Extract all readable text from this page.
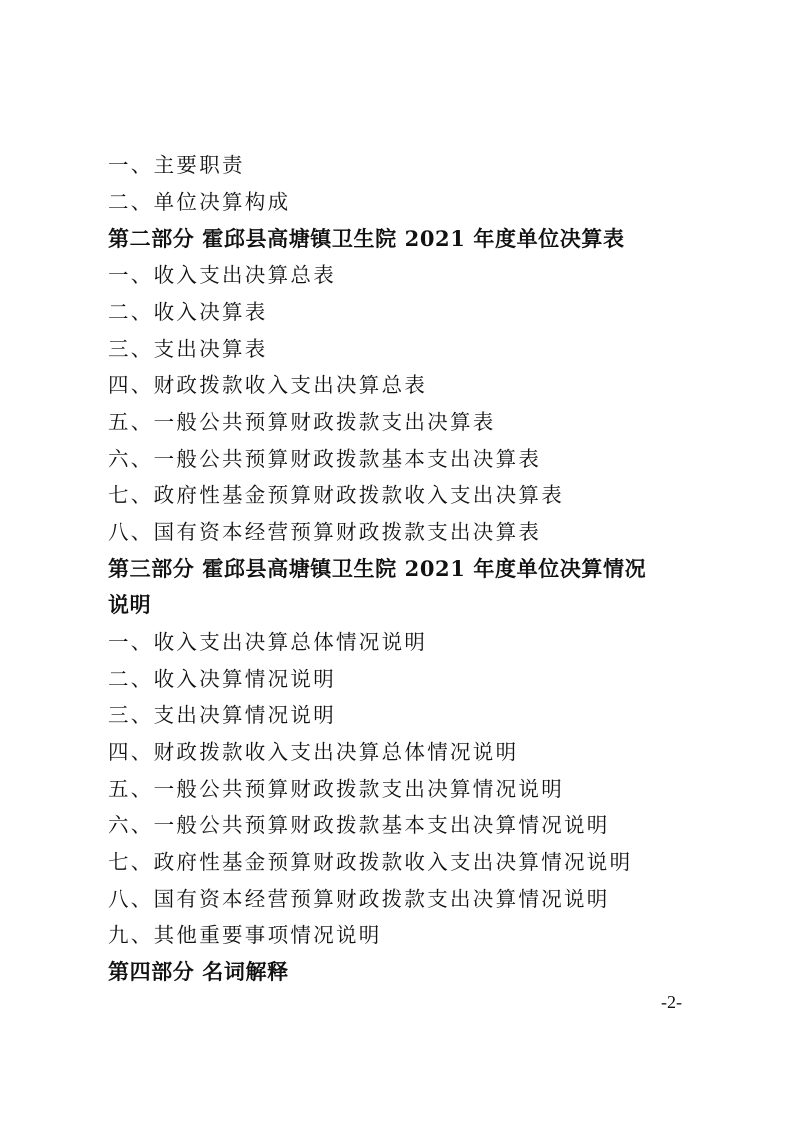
一、主要职责
二、单位决算构成
第二部分 霍邱县高塘镇卫生院 2021 年度单位决算表
一、收入支出决算总表
二、收入决算表
三、支出决算表
四、财政拨款收入支出决算总表
五、一般公共预算财政拨款支出决算表
六、一般公共预算财政拨款基本支出决算表
七、政府性基金预算财政拨款收入支出决算表
八、国有资本经营预算财政拨款支出决算表
第三部分 霍邱县高塘镇卫生院 2021 年度单位决算情况
说明
一、收入支出决算总体情况说明
二、收入决算情况说明
三、支出决算情况说明
四、财政拨款收入支出决算总体情况说明
五、一般公共预算财政拨款支出决算情况说明
六、一般公共预算财政拨款基本支出决算情况说明
七、政府性基金预算财政拨款收入支出决算情况说明
八、国有资本经营预算财政拨款支出决算情况说明
九、其他重要事项情况说明
第四部分 名词解释
-2-
